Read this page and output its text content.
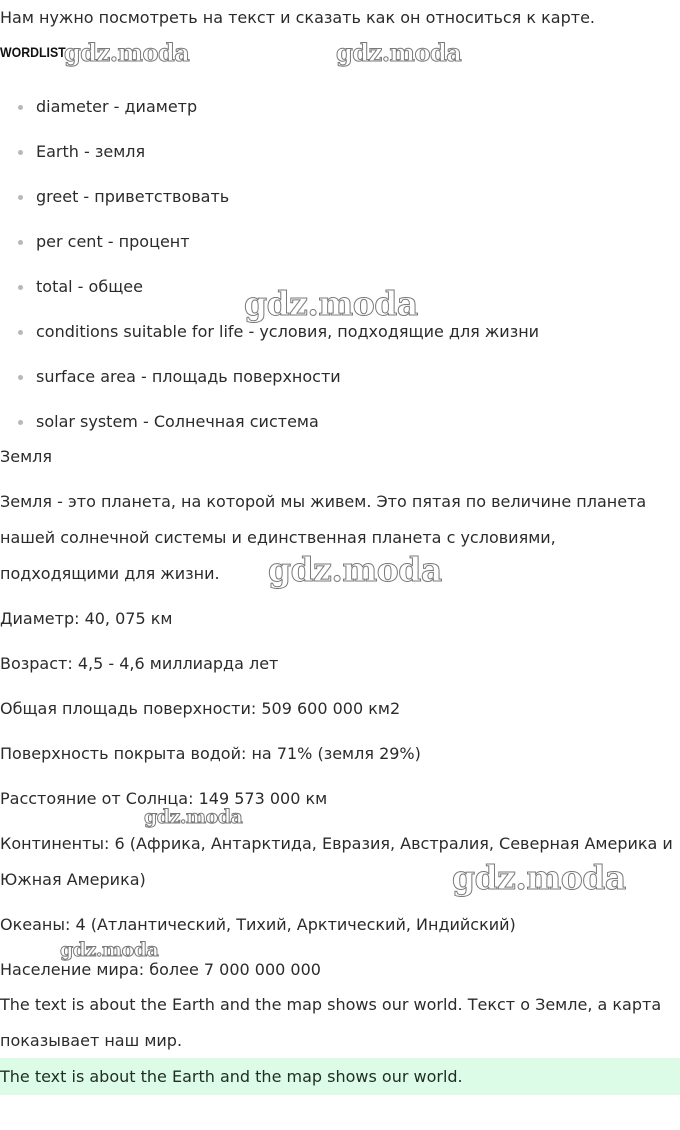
Нам нужно посмотреть на текст и сказать как он относиться к карте.
WORDLIST
diameter - диаметр
Earth - земля
greet - приветствовать
per cent - процент
total - общее
conditions suitable for life - условия, подходящие для жизни
surface area - площадь поверхности
solar system - Солнечная система
Земля
Земля - это планета, на которой мы живем. Это пятая по величине планета
нашей солнечной системы и единственная планета с условиями,
подходящими для жизни.
Диаметр: 40, 075 км
Возраст: 4,5 - 4,6 миллиарда лет
Общая площадь поверхности: 509 600 000 км2
Поверхность покрыта водой: на 71% (земля 29%)
Расстояние от Солнца: 149 573 000 км
Континенты: 6 (Африка, Антарктида, Евразия, Австралия, Северная Америка и
Южная Америка)
Океаны: 4 (Атлантический, Тихий, Арктический, Индийский)
Население мира: более 7 000 000 000
The text is about the Earth and the map shows our world. Текст о Земле, а карта
показывает наш мир.
The text is about the Earth and the map shows our world.
gdz.moda	gdz.moda
gdz.moda
gdz.moda
gdz.moda
gdz.moda
gdz.moda
